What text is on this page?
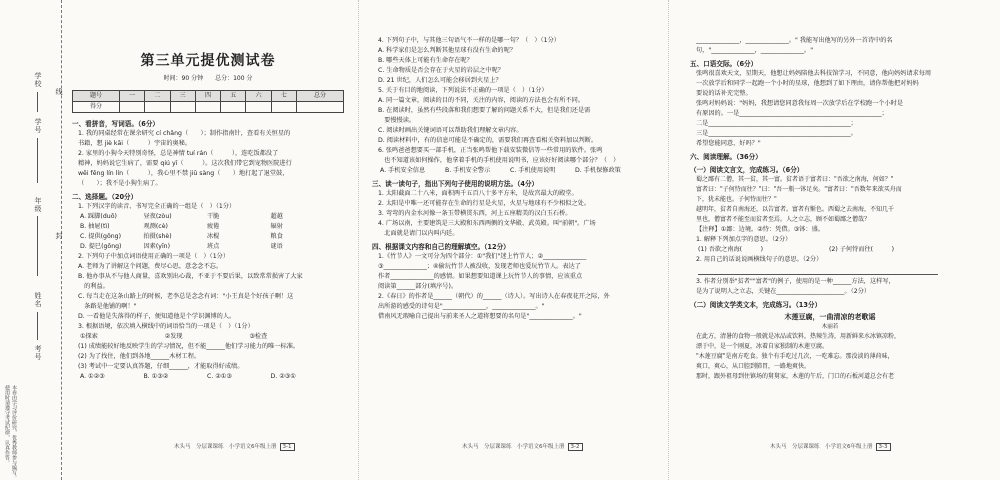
学校
学号
年级
姓名
考号
封
线
本卷由学习评价研究，优秀教师参与编写。使用时请遵守考试纪律，认真作答。
第三单元提优测试卷
时间：90 分钟　　总分：100 分
题号	一	二	三	四	五	六	七	总分
得分								
一、看拼音，写词语。（6分）
1. 我的同桌经常在课余研究 cí chǎng（　　）；制作指南针，查看有关恒星的
书籍，想 jiè kāi（　　　）宇宙的奥秘。
2. 家里的小狗今天特别奇怪，总是神情 tuí rán（　　　），连吃饭都没了
精神，妈妈说它生病了，需要 qiú yī（　　　）。这次我们带它到宠物医院进行
wēi fēng lín lín（　　　），我心里不禁 jiū sàng（　　）地打起了退堂鼓，
（　　）；我不是小狗生病了。
二、选择题。（20分）
1. 下列汉字的读音、书写完全正确的一组是（　）（1分）
A. 踩脚(duō)	昼夜(zòu)	干脆	超越
B. 抽屉(tì)	观测(cè)	疲倦	辐射
C. 提供(gōng)	拍摄(shè)	冰棍	粮食
D. 提巳(gōng)	因素(yīn)	班点	谜语
2. 下列句子中加点词语使用正确的一项是（　）（1分）
A. 老师为了讲解这个问题，费尽心思，意念念不忘。
B. 他办事从不与他人商量，喜欢别出心裁，不亚于不要后果，以致常常损害了大家
　的利益。
C. 每当走在这条山路上的时候，老李总是念念有词："小王真是个好孩子啊！这
　条路是他铺的啊！"
D. 一看他是失落得的样子，便知道他是个学识渊博的人。
3. 根据语境，依次填入横线中的词语恰当的一项是（　）（1分）
①探索	②发现	③检查
(1) 成绩能较好地反映学生的学习情况，但不能______他们学习能力的唯一标准。
(2) 为了找住，他们到各地______木材工程。
(3) 考试中一定要认真答题，仔细______，才能取得好成绩。
A. ①②③	B. ①③②	C. ②①③	D. ②③①
4. 下列句子中，与其他三句语气不一样的是哪一句？（　）（1分）
A. 科学家们是怎么判断其他星球有没有生命的呢？
B. 哪些天体上可能有生命存在呢？
C. 生命物质是否会存在于火星的岩层之中呢？
D. 21 世纪，人们怎么可能会移居到火星上？
5. 关于有目的地阅读，下列说法不正确的一项是（　）（1分）
A. 同一篇文章，阅读的目的不同，关注的内容，阅读的方法也会有所不同。
B. 在阅读时，虽然有些段落和我们想要了解的问题关系不大，但是我们还是需
　要慢慢读。
C. 阅读时画出关键词语可以帮助我们理解文章内容。
D. 阅读材料中，有的信息可能是不确定的，需要我们再查看相关资料加以判断。
6. 张鸣爸爸想要买一部手机，正当张鸣帮他下载安装微信等一些常用的软件。张鸣
　也不知道该如何操作，他拿着手机的手机使用说明书，应该好好阅读哪个部分？（　）
A. 手机安全信息	B. 手机安全警示	C. 手机使用说明	D. 手机保修政策
三、读一读句子，指出下列句子使用的说明方法。（4分）
1. 太阳截面二十八米，面积两千五百八十多平方米，是故宫最大的殿堂。
2. 太阳是中唯一还可能存在生命的行星是火星，火星与地球有不少相似之处。
3. 弯弯的内金水河像一条玉带横贯东西，河上五座精美的汉白玉石桥。
4. 广场以南，主要建筑是三大殿和东西两侧的文华殿、武英殿。叫"前朝"。广场
　北面就是请门以内叫内廷。
四、根据课文内容和自己的理解填空。（12分）
1.《竹节人》一文可分为四个部分：①"我们"迷上竹节人；②______________
③______________；④偷玩竹节人被没收，发现老师也爱玩竹节人。表达了
作者______________的感情。如果想要知道课上玩竹节人的事情，应该重点
阅读第______部分(填序号)。
2.《春日》的作者是______（朝代）的______（诗人）。写出诗人在春夜花开之际，外
出所游的感受的诗句是"______________，______________。"
借南风无瑕喻自己提出与前来圣人之道将想要的名句是"______________。"
______________，______________。" 我能写出他写的另外一首诗中的名
句，"______________，______________。"
五、口语交际。（6分）
张鸣很喜欢天文，星期天，他想让妈妈陪他去科技馆学习，不同意，他向妈妈请求每周
一次放学后和同学一起跑一个小时的星球，他想到了如下理由，请你帮他把对妈妈
要说的话补充完整。
张鸣对妈妈说："妈妈，我想请您同意我每周一次放学后在学校跑一个小时是
有原因的。一是______________________________________________；
二是______________________________________________；
三是______________________________________________。
希望您能同意，好吗？"
六、阅读理解。（36分）
（一）阅读文言文，完成练习。（6分）
蜀之鄙有二僧，其一贫，其一富。贫者语于富者曰："吾欲之南海，何如？"
富者曰："子何恃而往？"曰："吾一瓶一钵足矣。"富者曰："吾数年来欲买舟而
下，犹未能也。子何恃而往？"
越明年，贫者自南海还，以告富者。富者有惭色。西蜀之去南海，不知几千
里也，僧富者不能至而贫者至焉。人之立志，顾不如蜀鄙之僧哉？
【注释】①鄙：边境。②恃：凭借。③钵：盛。
1. 解释下列加点字的意思。（2分）
(1) 吾欲之南海(　　　)	(2) 子何恃而往(　　　)
2. 用自己的话说说画横线句子的意思。（2分）
3. 作者分别举"贫者""富者"的例子，使用的是一种______方法，这样写，
是为了说明人之立志，关键在______________________。（2分）
（二）阅读文学类文本，完成练习。（13分）
木莲豆腐，一曲清凉的老歌谣
木丽若
在此方，清暑的食物一般就是冰品或饮料，热辣生涛，用新鲜来水冰镇凉粉，
漂于中，是一个刚夏，冰着自家独制的木莲豆腐。
"木莲豆腐"是南方吃食。独个有手吃过几次，一吃难忘。那没淡的薄荷味，
爽口，爽心，从口腔到肺胃，一路地爽快。
那时，跟外祖母到住镇场的舅舅家，木莲的午后，门口的石板河道总会有老
木头马　分层课课练　小学语文6年级上册 3-1	木头马　分层课课练　小学语文6年级上册 3-2	木头马　分层课课练　小学语文6年级上册 3-3
